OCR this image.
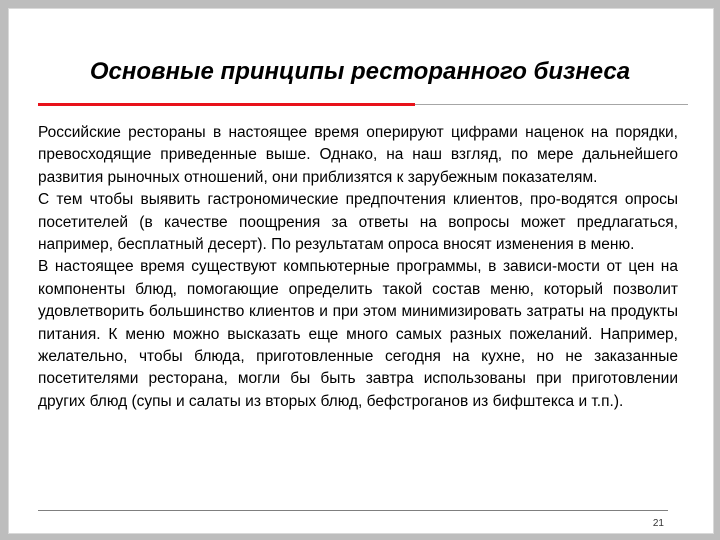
Основные принципы ресторанного бизнеса

Российские рестораны в настоящее время оперируют цифрами наценок на порядки, превосходящие приведенные выше. Однако, на наш взгляд, по мере дальнейшего развития рыночных отношений, они приблизятся к зарубежным показателям.

С тем чтобы выявить гастрономические предпочтения клиентов, про-водятся опросы посетителей (в качестве поощрения за ответы на вопросы может предлагаться, например, бесплатный десерт). По результатам опроса вносят изменения в меню.

В настоящее время существуют компьютерные программы, в зависи-мости от цен на компоненты блюд, помогающие определить такой состав меню, который позволит удовлетворить большинство клиентов и при этом минимизировать затраты на продукты питания. К меню можно высказать еще много самых разных пожеланий. Например, желательно, чтобы блюда, приготовленные сегодня на кухне, но не заказанные посетителями ресторана, могли бы быть завтра использованы при приготовлении других блюд (супы и салаты из вторых блюд, бефстроганов из бифштекса и т.п.).

21
